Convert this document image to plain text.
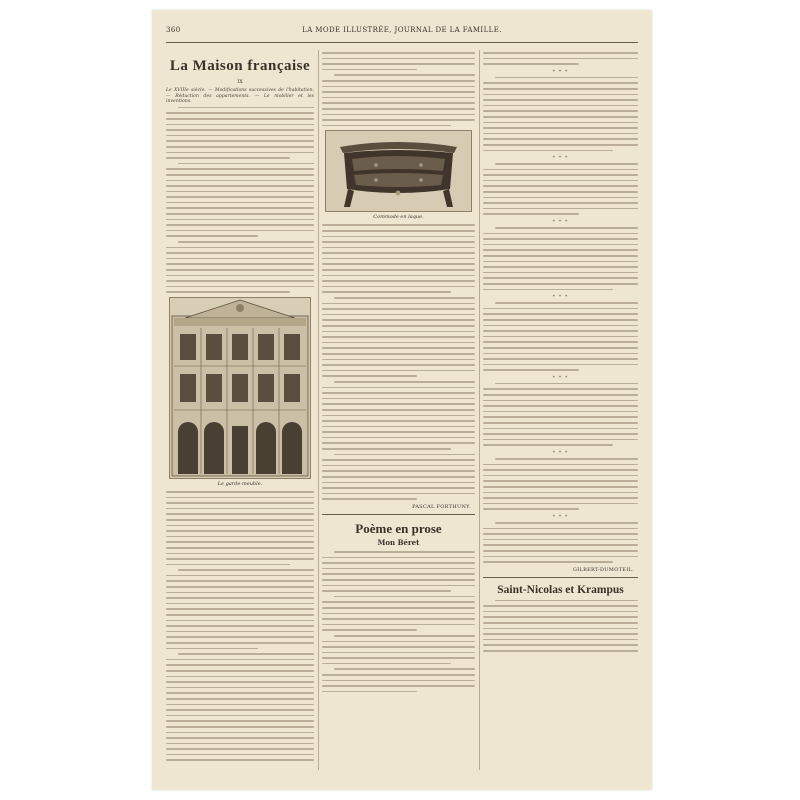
360	LA MODE ILLUSTRÉE, JOURNAL DE LA FAMILLE.
La Maison française
IX
Le XVIIIe siècle. — Modifications successives de l'habitation. — Réduction des appartements. — Le mobilier et les inventions.
Le garde-meuble.
Commode en laque.
PASCAL FORTHUNY.
Poème en prose
Mon Béret
* * *
* * *
* * *
* * *
* * *
* * *
* * *
GILBERT-DUMOTEIL.
Saint-Nicolas et Krampus
